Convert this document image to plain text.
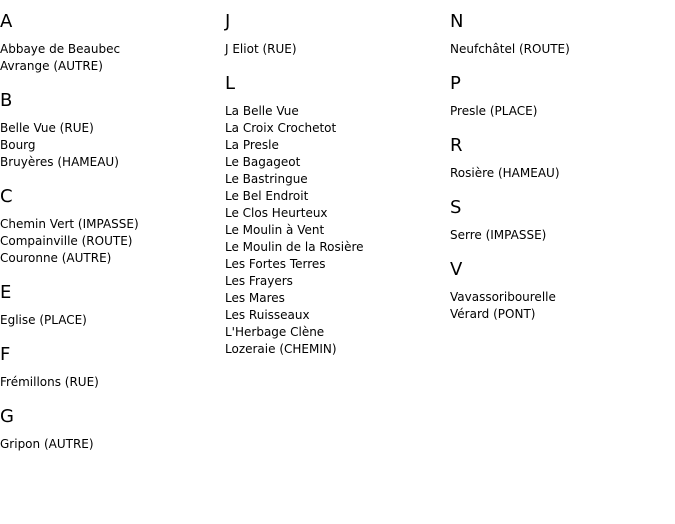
A
Abbaye de Beaubec
Avrange (AUTRE)
B
Belle Vue (RUE)
Bourg
Bruyères (HAMEAU)
C
Chemin Vert (IMPASSE)
Compainville (ROUTE)
Couronne (AUTRE)
E
Eglise (PLACE)
F
Frémillons (RUE)
G
Gripon (AUTRE)
J
J Eliot (RUE)
L
La Belle Vue
La Croix Crochetot
La Presle
Le Bagageot
Le Bastringue
Le Bel Endroit
Le Clos Heurteux
Le Moulin à Vent
Le Moulin de la Rosière
Les Fortes Terres
Les Frayers
Les Mares
Les Ruisseaux
L'Herbage Clène
Lozeraie (CHEMIN)
N
Neufchâtel (ROUTE)
P
Presle (PLACE)
R
Rosière (HAMEAU)
S
Serre (IMPASSE)
V
Vavassoribourelle
Vérard (PONT)
